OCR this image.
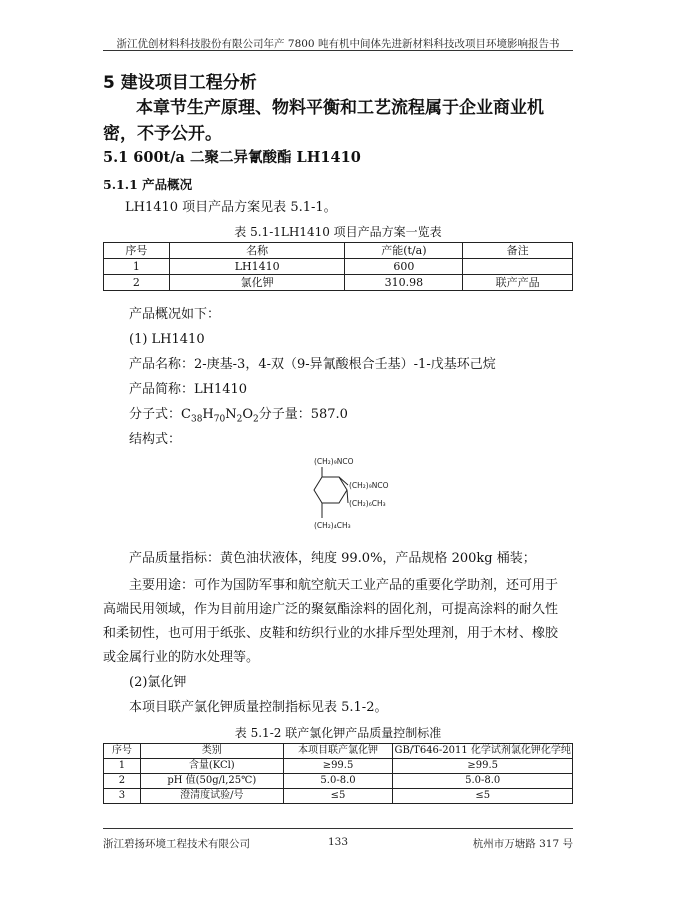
浙江优创材料科技股份有限公司年产 7800 吨有机中间体先进新材料科技改项目环境影响报告书
5 建设项目工程分析

本章节生产原理、物料平衡和工艺流程属于企业商业机

密，不予公开。

5.1 600t/a 二聚二异氰酸酯 LH1410
5.1.1 产品概况

LH1410 项目产品方案见表 5.1-1。

表 5.1-1LH1410 项目产品方案一览表
序号	名称	产能(t/a)	备注
1	LH1410	600	
2	氯化钾	310.98	联产产品

产品概况如下：

(1) LH1410

产品名称：2-庚基-3，4-双（9-异氰酸根合壬基）-1-戊基环己烷

产品简称：LH1410

分子式：$C_{38}H_{70}N_2O_2$分子量：587.0

结构式：

(CH₂)₉NCO
(CH₂)₉NCO
(CH₂)₆CH₃
(CH₂)₄CH₃

产品质量指标：黄色油状液体，纯度 99.0%，产品规格 200kg 桶装；

主要用途：可作为国防军事和航空航天工业产品的重要化学助剂，还可用于

高端民用领域，作为目前用途广泛的聚氨酯涂料的固化剂，可提高涂料的耐久性

和柔韧性，也可用于纸张、皮鞋和纺织行业的水排斥型处理剂，用于木材、橡胶

或金属行业的防水处理等。

(2)氯化钾

本项目联产氯化钾质量控制指标见表 5.1-2。

表 5.1-2 联产氯化钾产品质量控制标准
序号	类别	本项目联产氯化钾	GB/T646-2011 化学试剂氯化钾化学纯
1	含量(KCl)	≥99.5	≥99.5
2	pH 值(50g/l,25℃)	5.0-8.0	5.0-8.0
3	澄清度试验/号	≤5	≤5
浙江碧扬环境工程技术有限公司	133	杭州市万塘路 317 号
